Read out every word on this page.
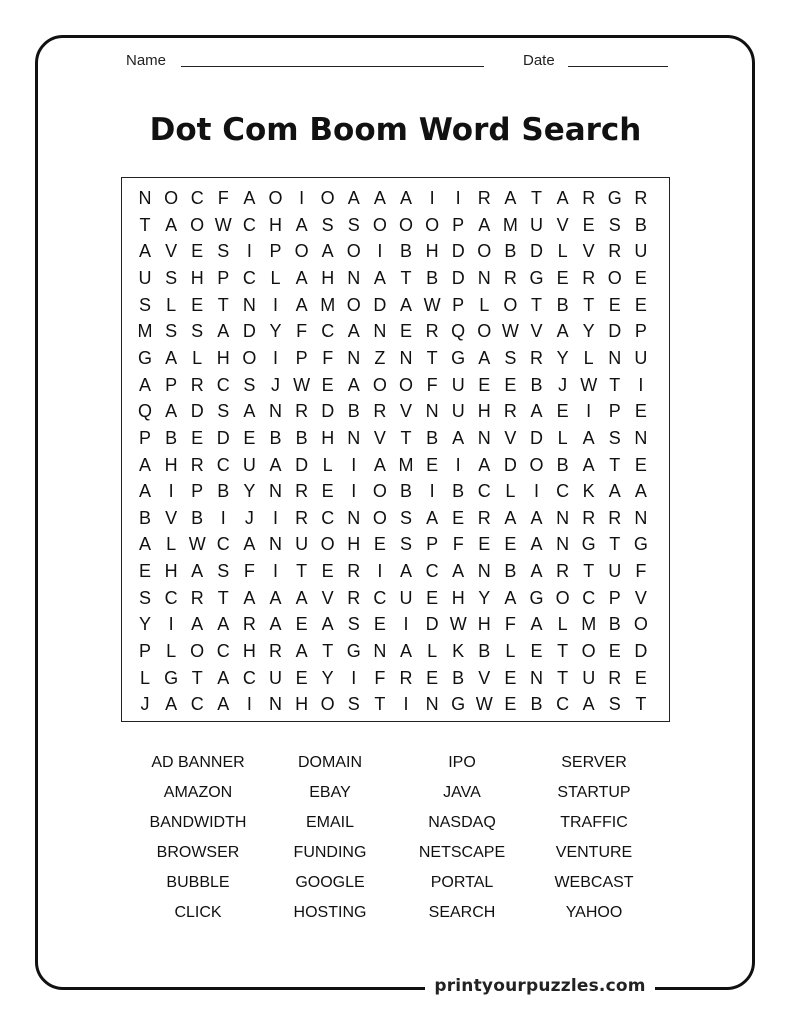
printyourpuzzles.com
Name	Date
Dot Com Boom Word Search
N O C F A O I O A A A I	I R A T A R G R
T A O W C H A S S O O O P A M U V E S B
A V E S I P O A O I B H D O B D L V R U
U S H P C L A H N A T B D N R G E R O E
S L E T N I A M O D A W P L O T B T E E
M S S A D Y F C A N E R Q O W V A Y D P
G A L H O I P F N Z N T G A S R Y L N U
A P R C S J W E A O O F U E E B J W T	I
Q A D S A N R D B R V N U H R A E I P E
P B E D E B B H N V T B A N V D L A S N
A H R C U A D L	I A M E I A D O B A T E
A I P B Y N R E I O B I B C L	I C K A A
B V B I	J	I R C N O S A E R A A N R R N
A L W C A N U O H E S P F E E A N G T G
E H A S F	I	T E R I A C A N B A R T U F
S C R T A A A V R C U E H Y A G O C P V
Y I A A R A E A S E I D W H F A L M B O
P L O C H R A T G N A L K B L E T O E D
L G T A C U E Y I	F R E B V E N T U R E
J A C A I N H O S T	I N G W E B C A S T
AD BANNER
AMAZON
BANDWIDTH
BROWSER
BUBBLE
CLICK
DOMAIN
EBAY
EMAIL
FUNDING
GOOGLE
HOSTING
IPO
JAVA
NASDAQ
NETSCAPE
PORTAL
SEARCH
SERVER
STARTUP
TRAFFIC
VENTURE
WEBCAST
YAHOO
